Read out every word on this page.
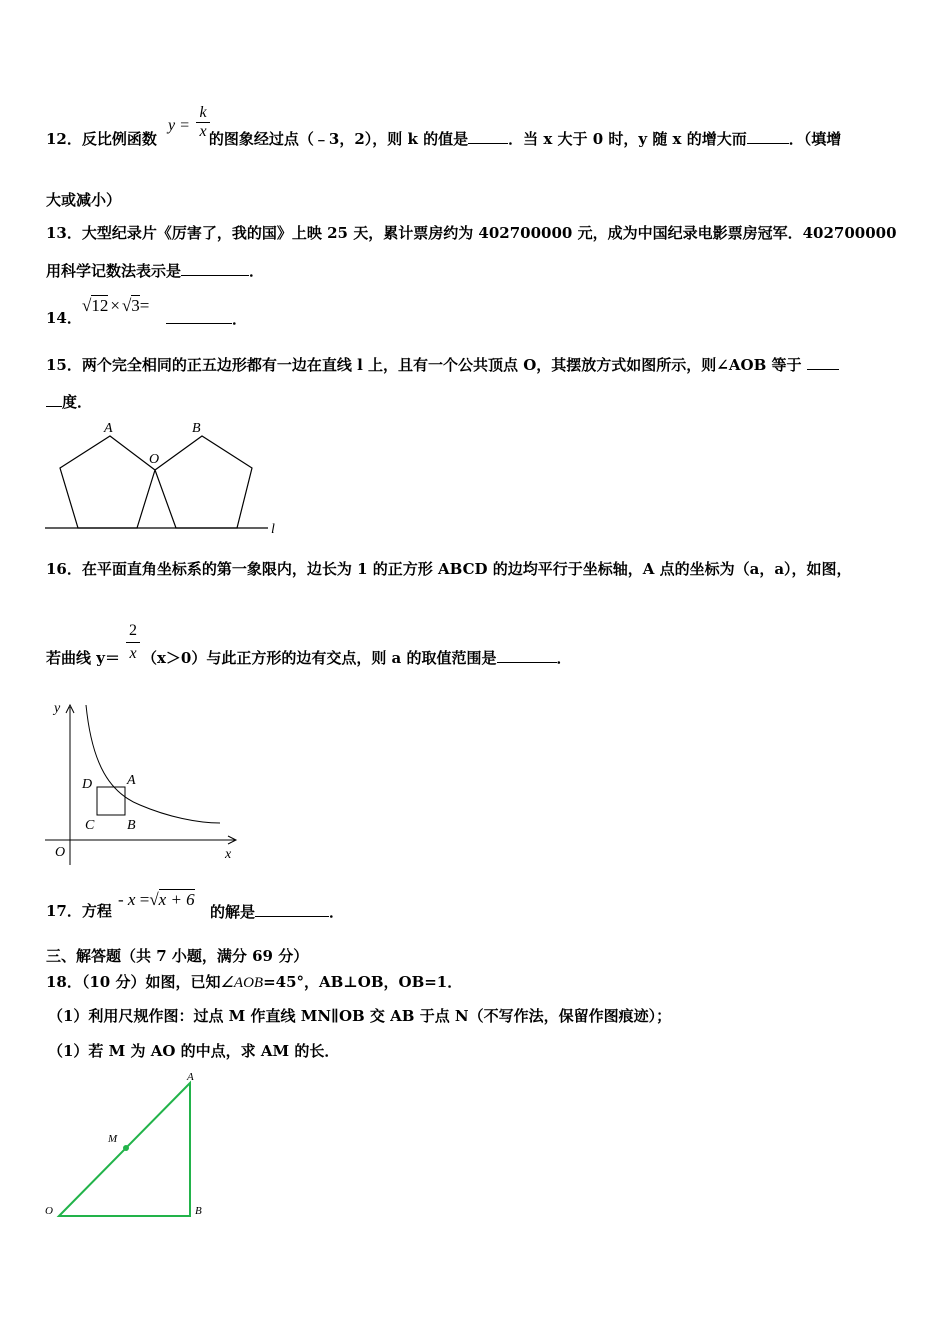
12．反比例函数	的图象经过点（﹣3，2），则 k 的值是	．当 x 大于 0 时，y 随 x 的增大而	．（填增
$y = \frac{k}{x}$
大或减小）
13．大型纪录片《厉害了，我的国》上映 25 天，累计票房约为 402700000 元，成为中国纪录电影票房冠军．402700000
用科学记数法表示是	．
14．
√12 × √3=
．
15．两个完全相同的正五边形都有一边在直线 l 上，且有一个公共顶点 O，其摆放方式如图所示，则∠AOB 等于
度．
A	B
O
l
16．在平面直角坐标系的第一象限内，边长为 1 的正方形 ABCD 的边均平行于坐标轴，A 点的坐标为（a，a），如图，
若曲线 y＝ （x＞0）与此正方形的边有交点，则 a 的取值范围是	．
$\frac{2}{x}$
y
x
O
D A
C B
17．方程
- x =√x + 6
的解是	．
三、解答题（共 7 小题，满分 69 分）
18．（10 分）如图，已知∠AOB=45°，AB⊥OB，OB=1．
（1）利用尺规作图：过点 M 作直线 MN∥OB 交 AB 于点 N（不写作法，保留作图痕迹）；
（1）若 M 为 AO 的中点，求 AM 的长．
A
M
O	B
